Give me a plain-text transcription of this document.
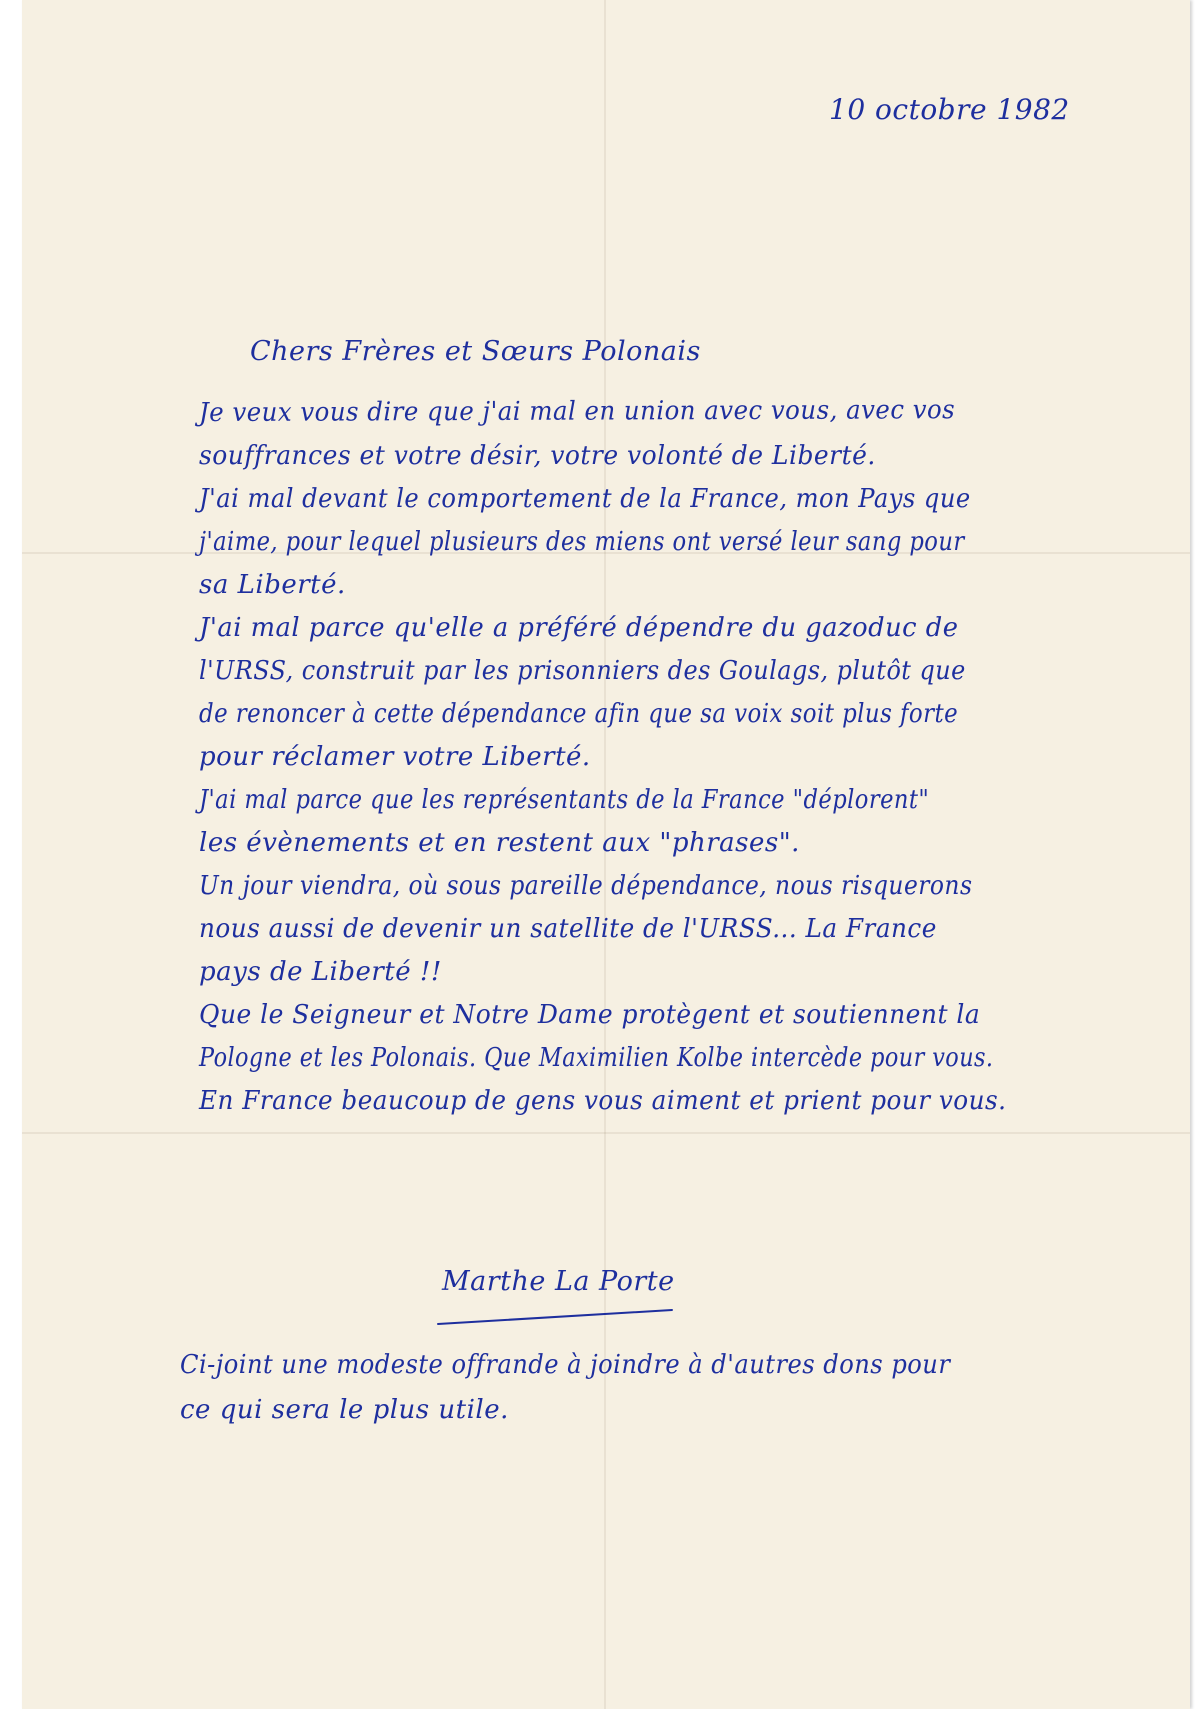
10 octobre 1982
Chers Frères et Sœurs Polonais
Je veux vous dire que j'ai mal en union avec vous, avec vos
souffrances et votre désir, votre volonté de Liberté.
J'ai mal devant le comportement de la France, mon Pays que
j'aime, pour lequel plusieurs des miens ont versé leur sang pour
sa Liberté.
J'ai mal parce qu'elle a préféré dépendre du gazoduc de
l'URSS, construit par les prisonniers des Goulags, plutôt que
de renoncer à cette dépendance afin que sa voix soit plus forte
pour réclamer votre Liberté.
J'ai mal parce que les représentants de la France "déplorent"
les évènements et en restent aux "phrases".
Un jour viendra, où sous pareille dépendance, nous risquerons
nous aussi de devenir un satellite de l'URSS... La France
pays de Liberté !!
Que le Seigneur et Notre Dame protègent et soutiennent la
Pologne et les Polonais. Que Maximilien Kolbe intercède pour vous.
En France beaucoup de gens vous aiment et prient pour vous.
Marthe La Porte
Ci-joint une modeste offrande à joindre à d'autres dons pour
ce qui sera le plus utile.
